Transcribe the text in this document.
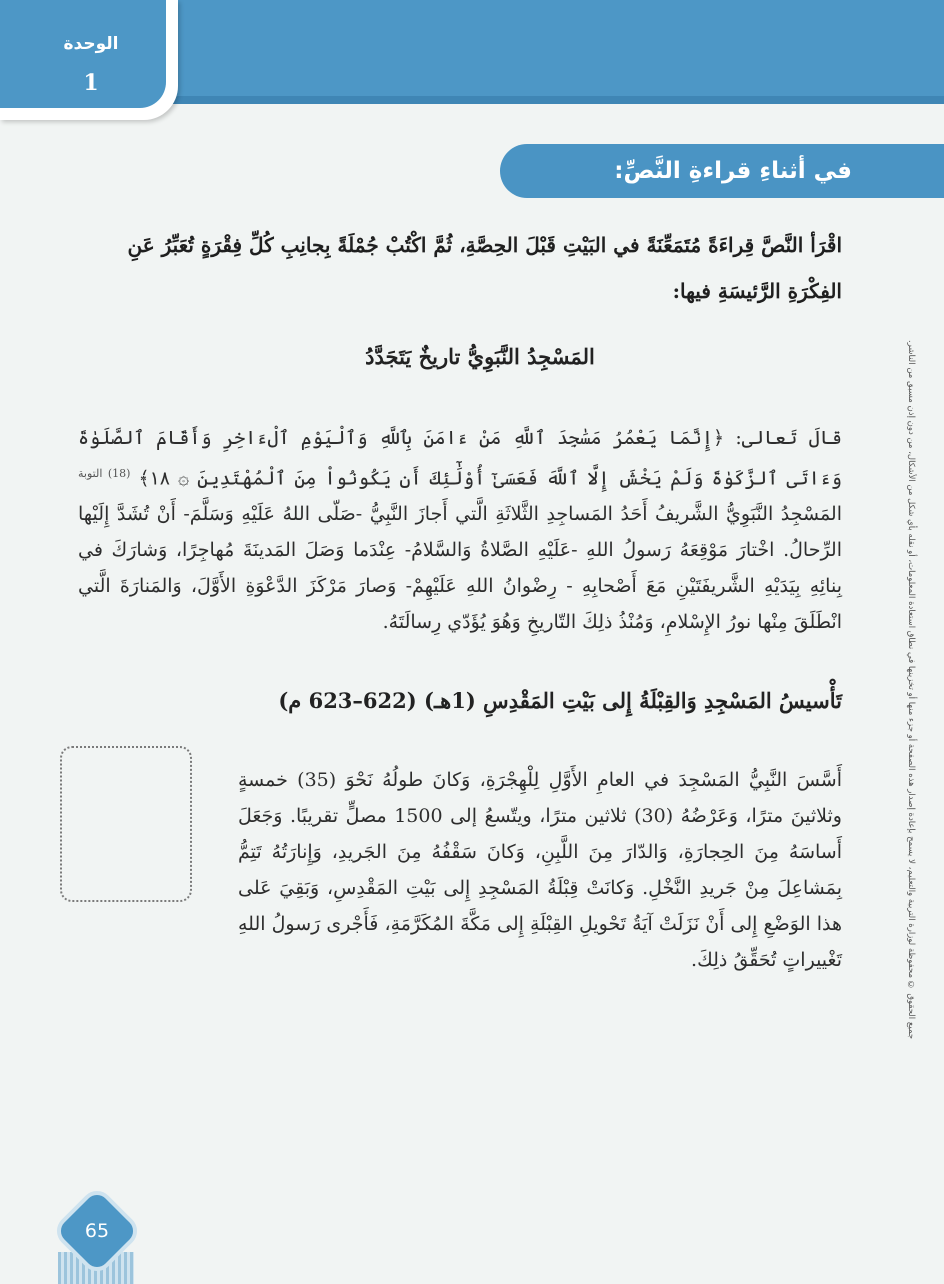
الوحدة
1
في أثناءِ قراءةِ النَّصِّ:
اقْرَأ النَّصَّ قِراءَةً مُتَمَعِّنَةً في البَيْتِ قَبْلَ الحِصَّةِ، ثُمَّ اكْتُبْ جُمْلَةً بِجانِبِ كُلِّ فِقْرَةٍ تُعَبِّرُ عَنِ الفِكْرَةِ الرَّئيسَةِ فيها:
المَسْجِدُ النَّبَوِيُّ تاريخٌ يَتَجَدَّدُ
قالَ تَعالى: ﴿إِنَّمَا يَعْمُرُ مَسَٰجِدَ ٱللَّهِ مَنْ ءَامَنَ بِٱللَّهِ وَٱلْيَوْمِ ٱلْءَاخِرِ وَأَقَامَ ٱلصَّلَوٰةَ وَءَاتَى ٱلزَّكَوٰةَ وَلَمْ يَخْشَ إِلَّا ٱللَّهَ فَعَسَىٰٓ أُوْلَٰٓئِكَ أَن يَكُونُواْ مِنَ ٱلْمُهْتَدِينَ ۞ ١٨﴾ $^{(18) التوبة}$ المَسْجِدُ النَّبَوِيُّ الشَّريفُ أَحَدُ المَساجِدِ الثَّلاثَةِ الَّتي أَجازَ النَّبِيُّ -صَلّى اللهُ عَلَيْهِ وَسَلَّمَ- أَنْ تُشَدَّ إِلَيْها الرِّحالُ. اخْتارَ مَوْقِعَهُ رَسولُ اللهِ -عَلَيْهِ الصَّلاةُ وَالسَّلامُ- عِنْدَما وَصَلَ المَدينَةَ مُهاجِرًا، وَشارَكَ في بِنائِهِ بِيَدَيْهِ الشَّريفَتَيْنِ مَعَ أَصْحابِهِ - رِضْوانُ اللهِ عَلَيْهِمْ- وَصارَ مَرْكَزَ الدَّعْوَةِ الأَوَّلَ، وَالمَنارَةَ الَّتي انْطَلَقَ مِنْها نورُ الإِسْلامِ، وَمُنْذُ ذلِكَ التّاريخِ وَهُوَ يُؤَدّي رِسالَتَهُ.
تَأْسيسُ المَسْجِدِ وَالقِبْلَةُ إِلى بَيْتِ المَقْدِسِ (1هـ) (622–623 م)
أَسَّسَ النَّبِيُّ المَسْجِدَ في العامِ الأَوَّلِ لِلْهِجْرَةِ، وَكانَ طولُهُ نَحْوَ (35) خمسةٍ وثلاثينَ مترًا، وَعَرْضُهُ (30) ثلاثين مترًا، ويتّسعُ إلى 1500 مصلٍّ تقريبًا. وَجَعَلَ أَساسَهُ مِنَ الحِجارَةِ، وَالدّارَ مِنَ اللَّبِنِ، وَكانَ سَقْفُهُ مِنَ الجَريدِ، وَإِنارَتُهُ تَتِمُّ بِمَشاعِلَ مِنْ جَريدِ النَّخْلِ. وَكانَتْ قِبْلَةُ المَسْجِدِ إِلى بَيْتِ المَقْدِسِ، وَبَقِيَ عَلى هذا الوَضْعِ إِلى أَنْ نَزَلَتْ آيَةُ تَحْويلِ القِبْلَةِ إِلى مَكَّةَ المُكَرَّمَةِ، فَأَجْرى رَسولُ اللهِ تَغْييراتٍ تُحَقِّقُ ذلِكَ.	جميع الحقوق © محفوظة لوزارة التربية والتعليم، لا يسمح بإعادة إصدار هذه الصفحة أو جزء منها أو تخزينها في نطاق استعادة المعلومات، أو نقله بأي شكل من الأشكال، من دون إذن مسبق من الناشر.
65
